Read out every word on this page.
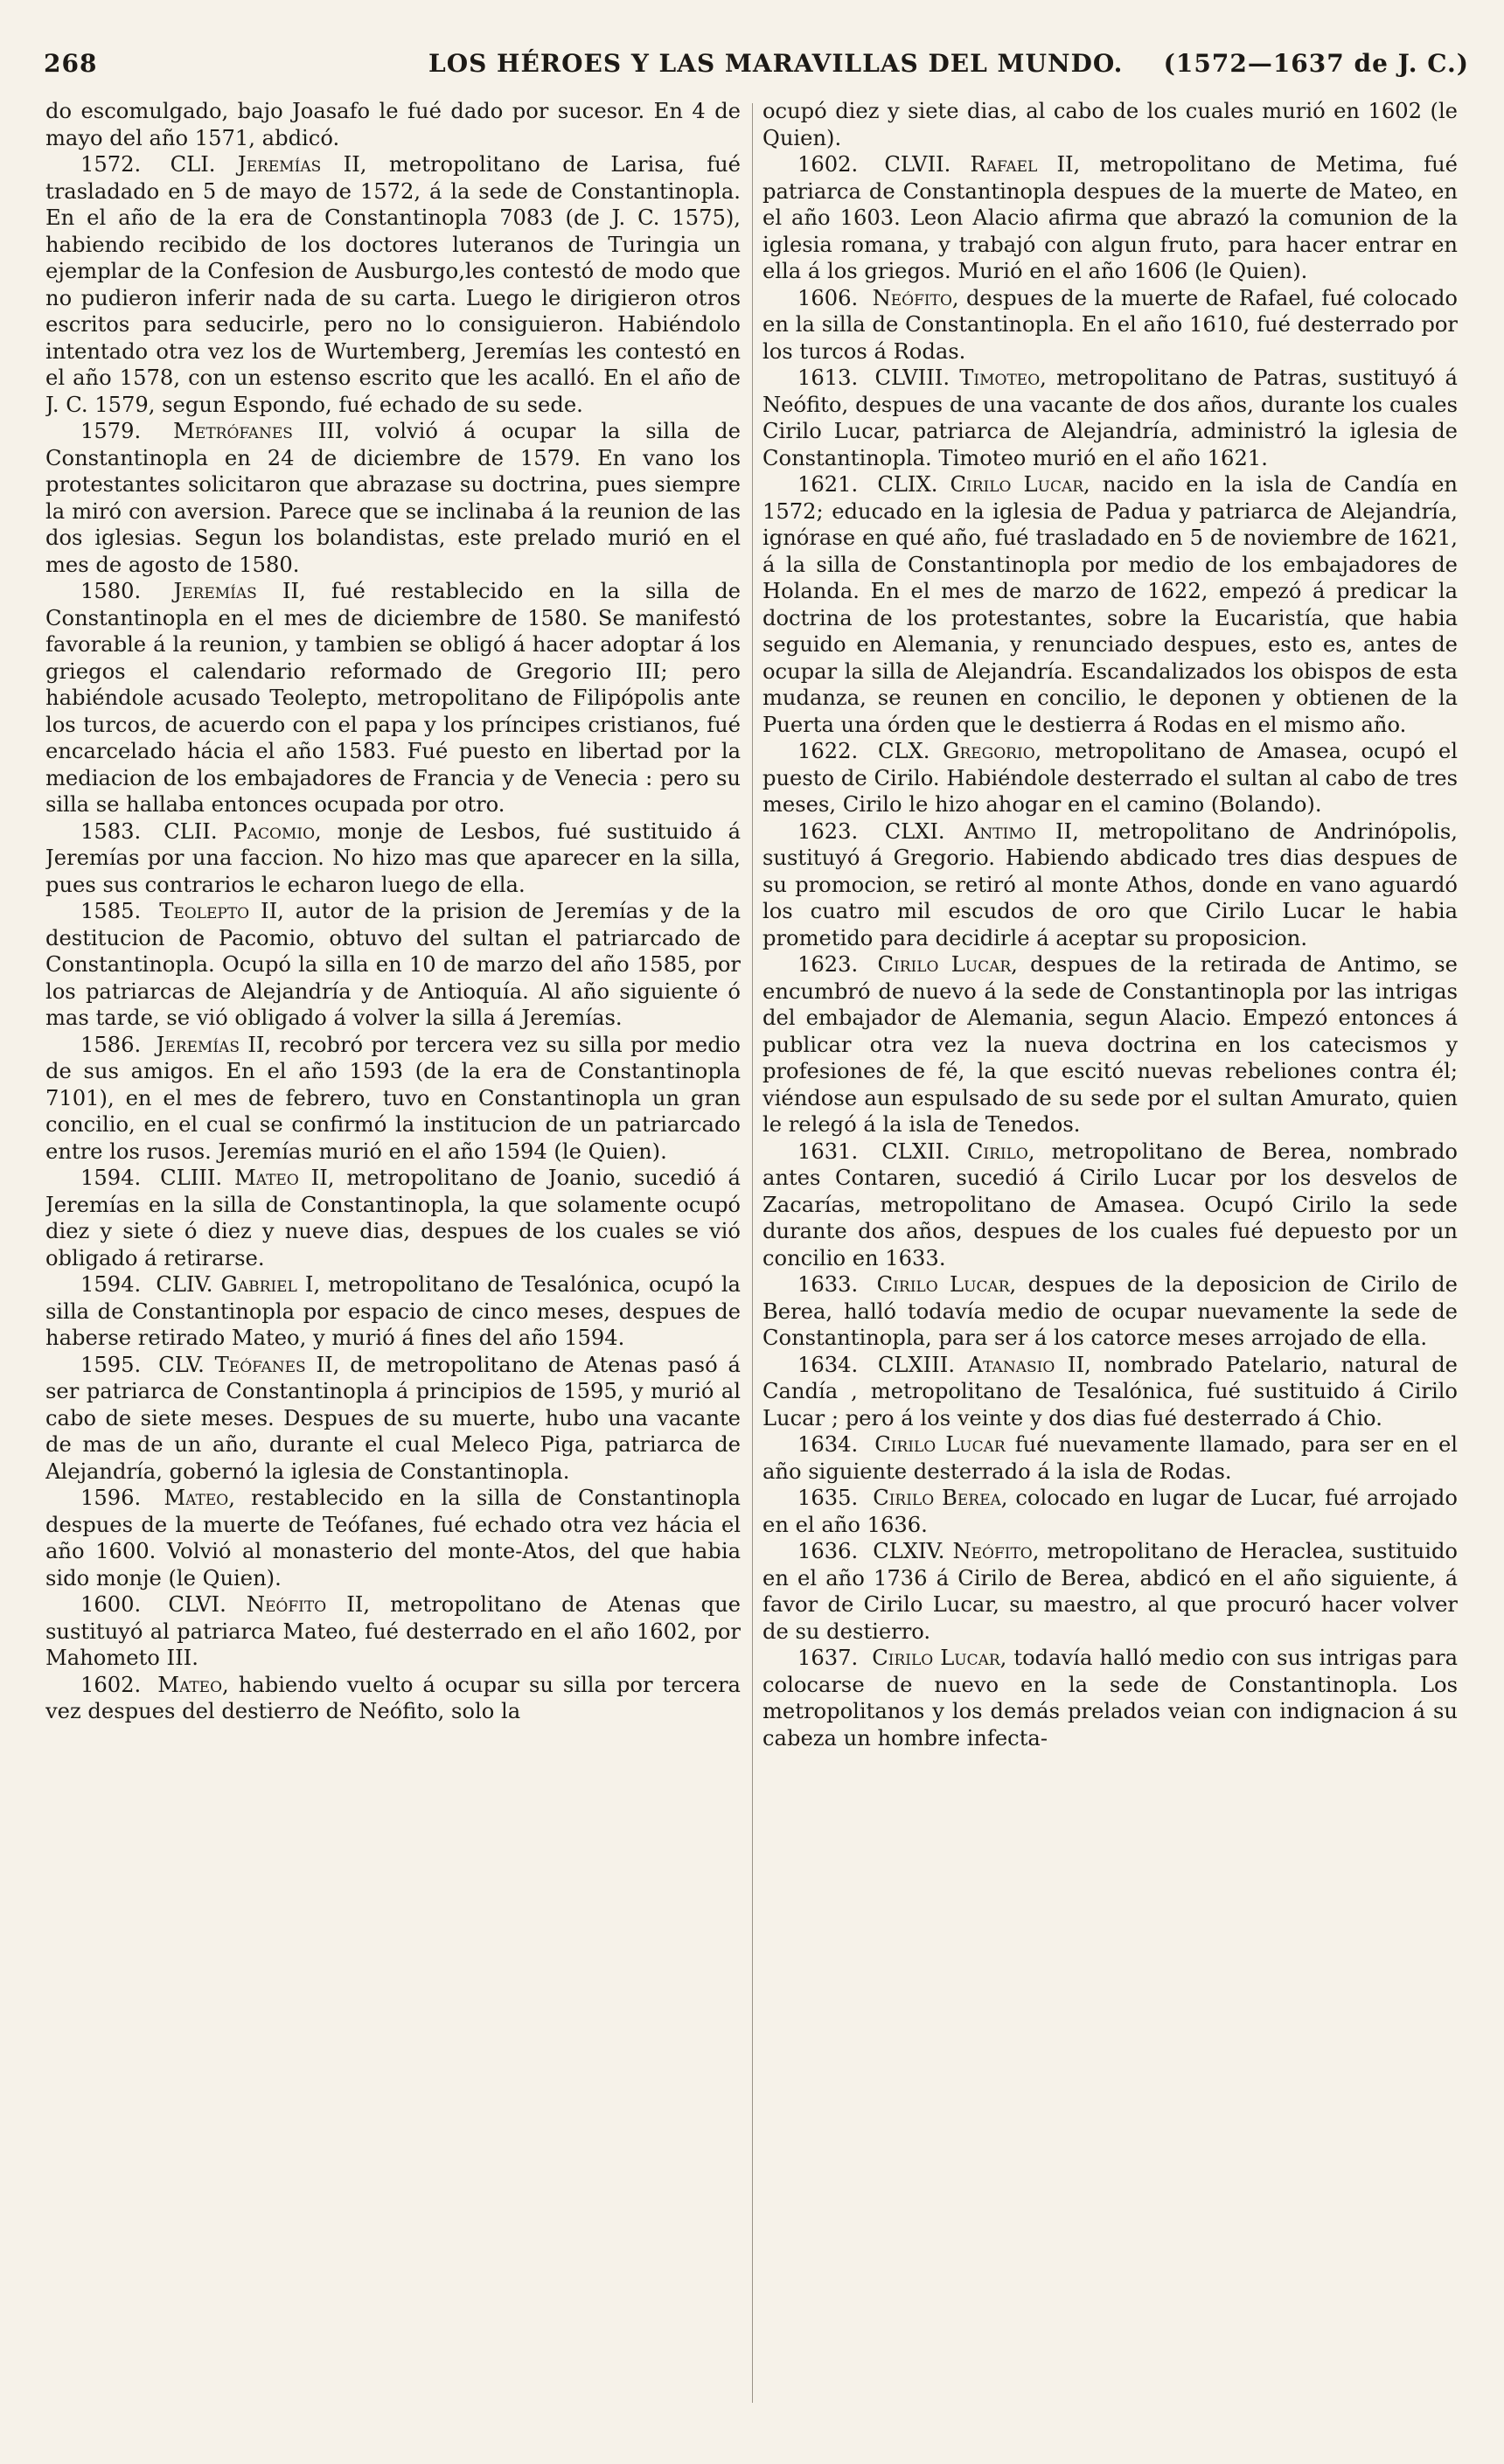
268	LOS HÉROES Y LAS MARAVILLAS DEL MUNDO. (1572—1637 de J. C.)

do escomulgado, bajo Joasafo le fué dado por sucesor. En 4 de mayo del año 1571, abdicó.

1572. CLI. Jeremías II, metropolitano de Larisa, fué trasladado en 5 de mayo de 1572, á la sede de Constantinopla. En el año de la era de Constantinopla 7083 (de J. C. 1575), habiendo recibido de los doctores luteranos de Turingia un ejemplar de la Confesion de Ausburgo,les contestó de modo que no pudieron inferir nada de su carta. Luego le dirigieron otros escritos para seducirle, pero no lo consiguieron. Habiéndolo intentado otra vez los de Wurtemberg, Jeremías les contestó en el año 1578, con un estenso escrito que les acalló. En el año de J. C. 1579, segun Espondo, fué echado de su sede.

1579. Metrófanes III, volvió á ocupar la silla de Constantinopla en 24 de diciembre de 1579. En vano los protestantes solicitaron que abrazase su doctrina, pues siempre la miró con aversion. Parece que se inclinaba á la reunion de las dos iglesias. Segun los bolandistas, este prelado murió en el mes de agosto de 1580.

1580. Jeremías II, fué restablecido en la silla de Constantinopla en el mes de diciembre de 1580. Se manifestó favorable á la reunion, y tambien se obligó á hacer adoptar á los griegos el calendario reformado de Gregorio III; pero habiéndole acusado Teolepto, metropolitano de Filipópolis ante los turcos, de acuerdo con el papa y los príncipes cristianos, fué encarcelado hácia el año 1583. Fué puesto en libertad por la mediacion de los embajadores de Francia y de Venecia : pero su silla se hallaba entonces ocupada por otro.

1583. CLII. Pacomio, monje de Lesbos, fué sustituido á Jeremías por una faccion. No hizo mas que aparecer en la silla, pues sus contrarios le echaron luego de ella.

1585. Teolepto II, autor de la prision de Jeremías y de la destitucion de Pacomio, obtuvo del sultan el patriarcado de Constantinopla. Ocupó la silla en 10 de marzo del año 1585, por los patriarcas de Alejandría y de Antioquía. Al año siguiente ó mas tarde, se vió obligado á volver la silla á Jeremías.

1586. Jeremías II, recobró por tercera vez su silla por medio de sus amigos. En el año 1593 (de la era de Constantinopla 7101), en el mes de febrero, tuvo en Constantinopla un gran concilio, en el cual se confirmó la institucion de un patriarcado entre los rusos. Jeremías murió en el año 1594 (le Quien).

1594. CLIII. Mateo II, metropolitano de Joanio, sucedió á Jeremías en la silla de Constantinopla, la que solamente ocupó diez y siete ó diez y nueve dias, despues de los cuales se vió obligado á retirarse.

1594. CLIV. Gabriel I, metropolitano de Tesalónica, ocupó la silla de Constantinopla por espacio de cinco meses, despues de haberse retirado Mateo, y murió á fines del año 1594.

1595. CLV. Teófanes II, de metropolitano de Atenas pasó á ser patriarca de Constantinopla á principios de 1595, y murió al cabo de siete meses. Despues de su muerte, hubo una vacante de mas de un año, durante el cual Meleco Piga, patriarca de Alejandría, gobernó la iglesia de Constantinopla.

1596. Mateo, restablecido en la silla de Constantinopla despues de la muerte de Teófanes, fué echado otra vez hácia el año 1600. Volvió al monasterio del monte-Atos, del que habia sido monje (le Quien).

1600. CLVI. Neófito II, metropolitano de Atenas que sustituyó al patriarca Mateo, fué desterrado en el año 1602, por Mahometo III.

1602. Mateo, habiendo vuelto á ocupar su silla por tercera vez despues del destierro de Neófito, solo la

ocupó diez y siete dias, al cabo de los cuales murió en 1602 (le Quien).

1602. CLVII. Rafael II, metropolitano de Metima, fué patriarca de Constantinopla despues de la muerte de Mateo, en el año 1603. Leon Alacio afirma que abrazó la comunion de la iglesia romana, y trabajó con algun fruto, para hacer entrar en ella á los griegos. Murió en el año 1606 (le Quien).

1606. Neófito, despues de la muerte de Rafael, fué colocado en la silla de Constantinopla. En el año 1610, fué desterrado por los turcos á Rodas.

1613. CLVIII. Timoteo, metropolitano de Patras, sustituyó á Neófito, despues de una vacante de dos años, durante los cuales Cirilo Lucar, patriarca de Alejandría, administró la iglesia de Constantinopla. Timoteo murió en el año 1621.

1621. CLIX. Cirilo Lucar, nacido en la isla de Candía en 1572; educado en la iglesia de Padua y patriarca de Alejandría, ignórase en qué año, fué trasladado en 5 de noviembre de 1621, á la silla de Constantinopla por medio de los embajadores de Holanda. En el mes de marzo de 1622, empezó á predicar la doctrina de los protestantes, sobre la Eucaristía, que habia seguido en Alemania, y renunciado despues, esto es, antes de ocupar la silla de Alejandría. Escandalizados los obispos de esta mudanza, se reunen en concilio, le deponen y obtienen de la Puerta una órden que le destierra á Rodas en el mismo año.

1622. CLX. Gregorio, metropolitano de Amasea, ocupó el puesto de Cirilo. Habiéndole desterrado el sultan al cabo de tres meses, Cirilo le hizo ahogar en el camino (Bolando).

1623. CLXI. Antimo II, metropolitano de Andrinópolis, sustituyó á Gregorio. Habiendo abdicado tres dias despues de su promocion, se retiró al monte Athos, donde en vano aguardó los cuatro mil escudos de oro que Cirilo Lucar le habia prometido para decidirle á aceptar su proposicion.

1623. Cirilo Lucar, despues de la retirada de Antimo, se encumbró de nuevo á la sede de Constantinopla por las intrigas del embajador de Alemania, segun Alacio. Empezó entonces á publicar otra vez la nueva doctrina en los catecismos y profesiones de fé, la que escitó nuevas rebeliones contra él; viéndose aun espulsado de su sede por el sultan Amurato, quien le relegó á la isla de Tenedos.

1631. CLXII. Cirilo, metropolitano de Berea, nombrado antes Contaren, sucedió á Cirilo Lucar por los desvelos de Zacarías, metropolitano de Amasea. Ocupó Cirilo la sede durante dos años, despues de los cuales fué depuesto por un concilio en 1633.

1633. Cirilo Lucar, despues de la deposicion de Cirilo de Berea, halló todavía medio de ocupar nuevamente la sede de Constantinopla, para ser á los catorce meses arrojado de ella.

1634. CLXIII. Atanasio II, nombrado Patelario, natural de Candía , metropolitano de Tesalónica, fué sustituido á Cirilo Lucar ; pero á los veinte y dos dias fué desterrado á Chio.

1634. Cirilo Lucar fué nuevamente llamado, para ser en el año siguiente desterrado á la isla de Rodas.

1635. Cirilo Berea, colocado en lugar de Lucar, fué arrojado en el año 1636.

1636. CLXIV. Neófito, metropolitano de Heraclea, sustituido en el año 1736 á Cirilo de Berea, abdicó en el año siguiente, á favor de Cirilo Lucar, su maestro, al que procuró hacer volver de su destierro.

1637. Cirilo Lucar, todavía halló medio con sus intrigas para colocarse de nuevo en la sede de Constantinopla. Los metropolitanos y los demás prelados veian con indignacion á su cabeza un hombre infecta-
